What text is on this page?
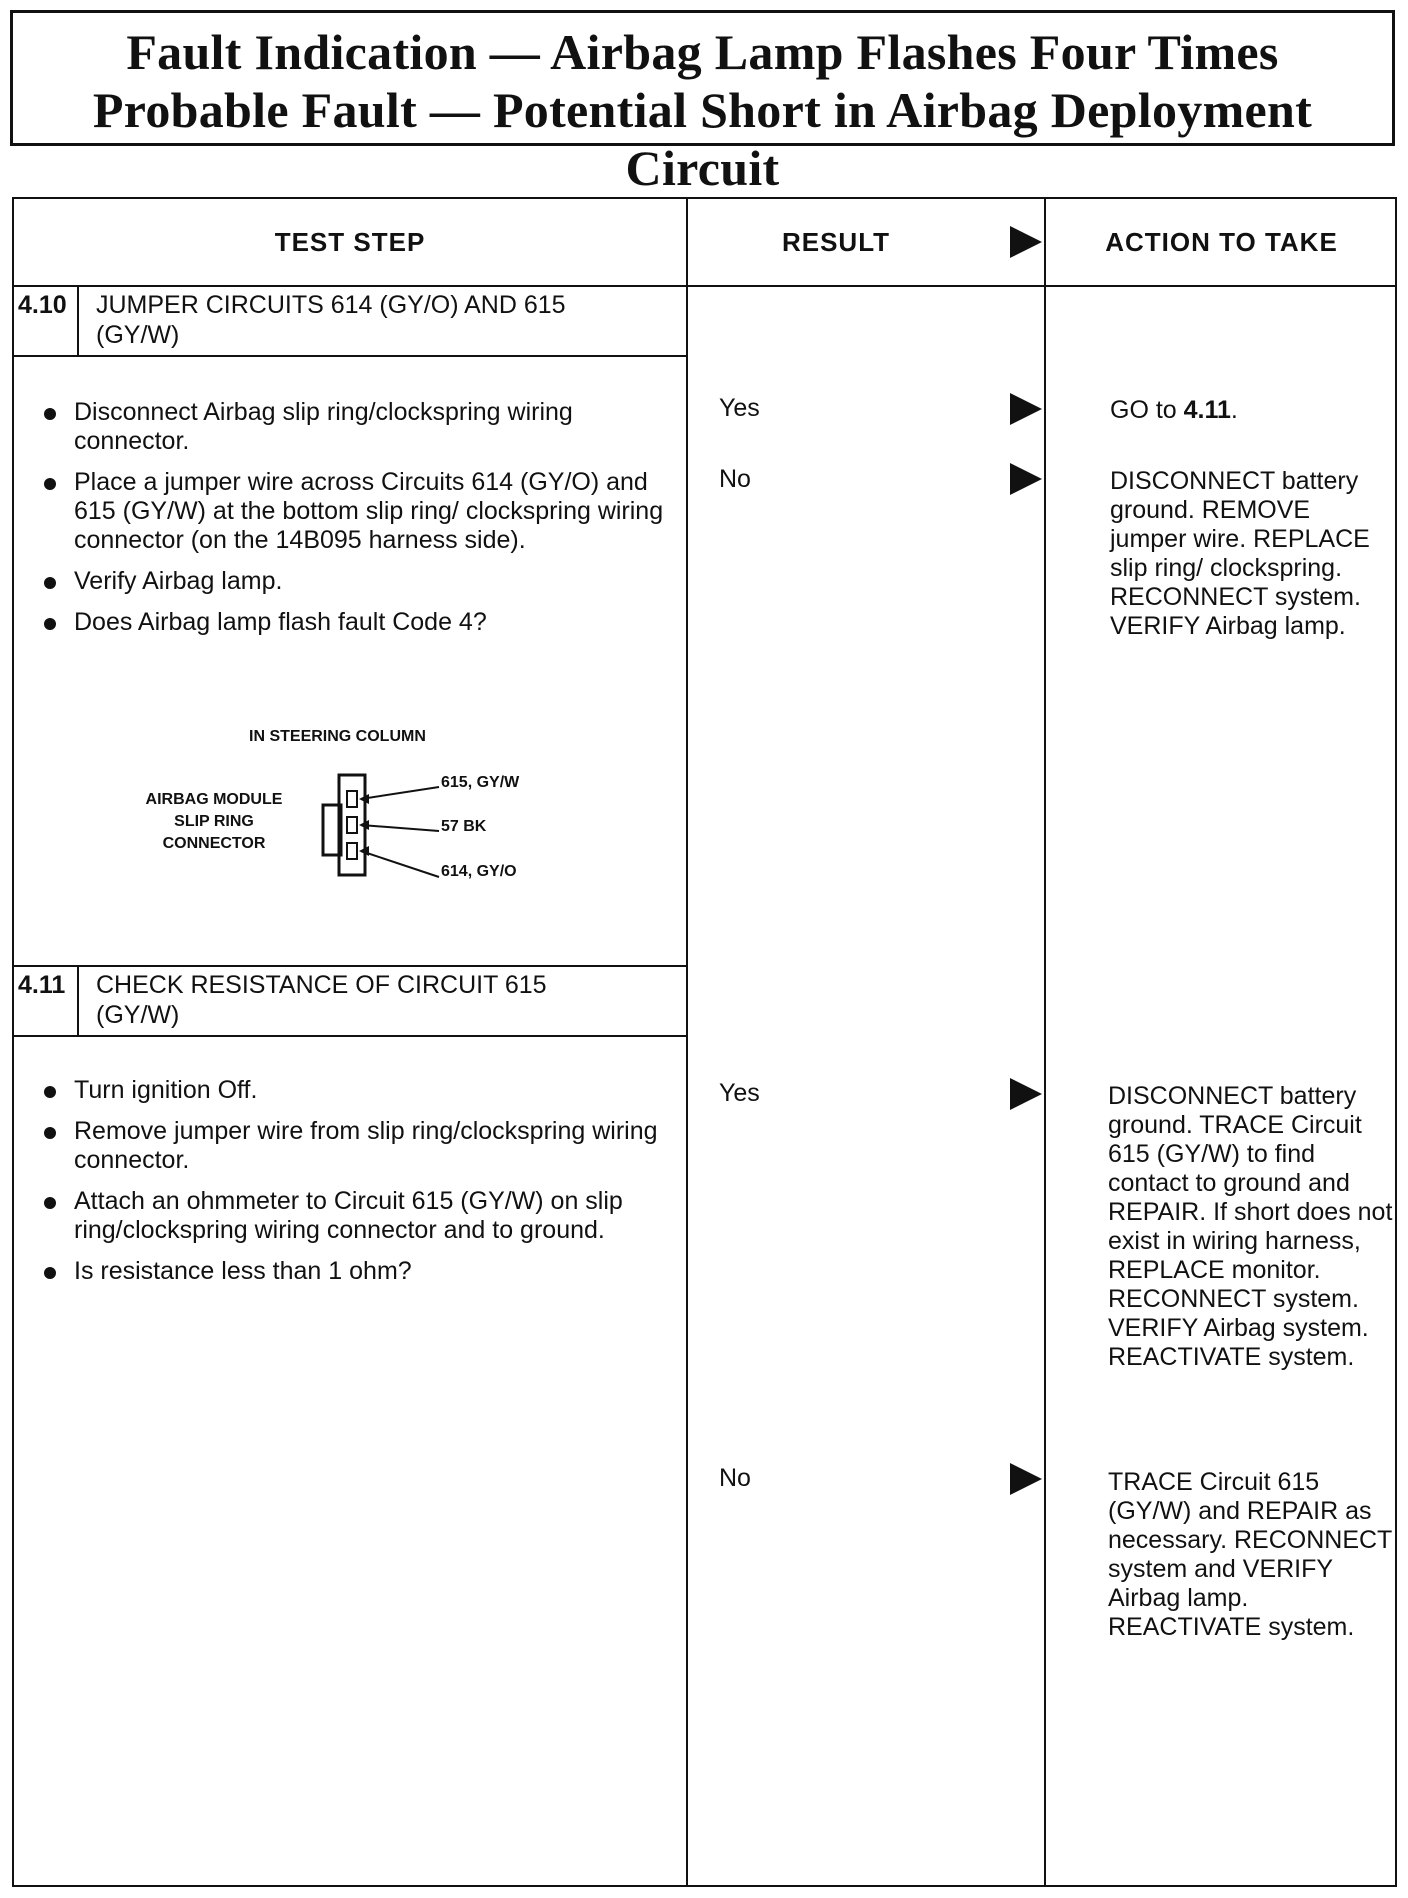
Fault Indication — Airbag Lamp Flashes Four Times
Probable Fault — Potential Short in Airbag Deployment Circuit
TEST STEP	RESULT	ACTION TO TAKE
4.10 JUMPER CIRCUITS 614 (GY/O) AND 615 (GY/W)
Disconnect Airbag slip ring/clockspring wiring connector.
Place a jumper wire across Circuits 614 (GY/O) and 615 (GY/W) at the bottom slip ring/ clockspring wiring connector (on the 14B095 harness side).
Verify Airbag lamp.
Does Airbag lamp flash fault Code 4?
IN STEERING COLUMN
AIRBAG MODULE SLIP RING CONNECTOR
615, GY/W
57 BK
614, GY/O
Yes	GO to 4.11.
No	DISCONNECT battery ground. REMOVE jumper wire. REPLACE slip ring/ clockspring. RECONNECT system. VERIFY Airbag lamp.
4.11 CHECK RESISTANCE OF CIRCUIT 615 (GY/W)
Turn ignition Off.
Remove jumper wire from slip ring/clockspring wiring connector.
Attach an ohmmeter to Circuit 615 (GY/W) on slip ring/clockspring wiring connector and to ground.
Is resistance less than 1 ohm?
Yes	DISCONNECT battery ground. TRACE Circuit 615 (GY/W) to find contact to ground and REPAIR. If short does not exist in wiring harness, REPLACE monitor. RECONNECT system. VERIFY Airbag system. REACTIVATE system.
No	TRACE Circuit 615 (GY/W) and REPAIR as necessary. RECONNECT system and VERIFY Airbag lamp. REACTIVATE system.
